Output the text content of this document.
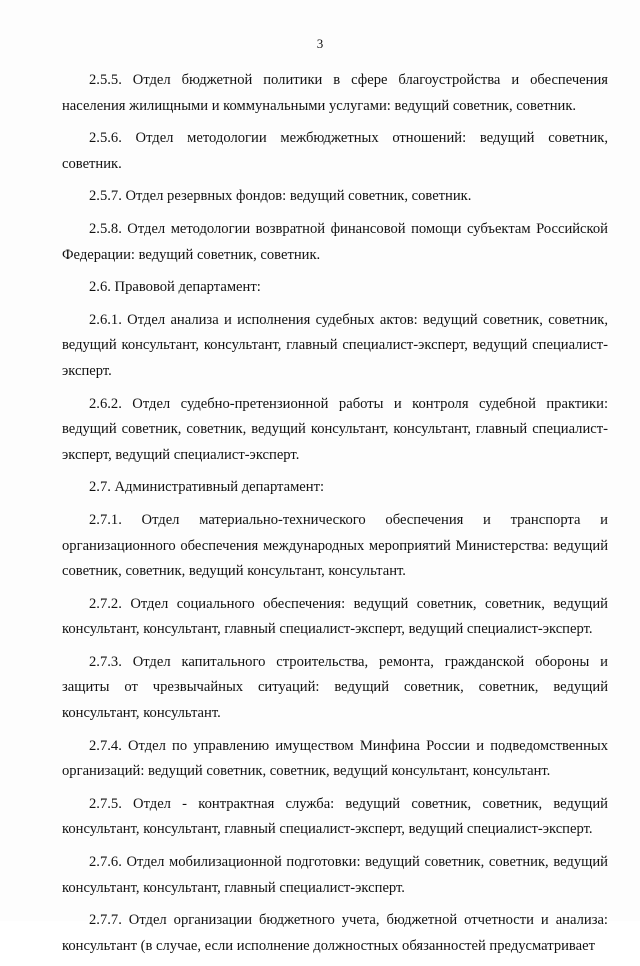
3

2.5.5. Отдел бюджетной политики в сфере благоустройства и обеспечения населения жилищными и коммунальными услугами: ведущий советник, советник.

2.5.6. Отдел методологии межбюджетных отношений: ведущий советник, советник.

2.5.7. Отдел резервных фондов: ведущий советник, советник.

2.5.8. Отдел методологии возвратной финансовой помощи субъектам Российской Федерации: ведущий советник, советник.

2.6. Правовой департамент:

2.6.1. Отдел анализа и исполнения судебных актов: ведущий советник, советник, ведущий консультант, консультант, главный специалист-эксперт, ведущий специалист-эксперт.

2.6.2. Отдел судебно-претензионной работы и контроля судебной практики: ведущий советник, советник, ведущий консультант, консультант, главный специалист-эксперт, ведущий специалист-эксперт.

2.7. Административный департамент:

2.7.1. Отдел материально-технического обеспечения и транспорта и организационного обеспечения международных мероприятий Министерства: ведущий советник, советник, ведущий консультант, консультант.

2.7.2. Отдел социального обеспечения: ведущий советник, советник, ведущий консультант, консультант, главный специалист-эксперт, ведущий специалист-эксперт.

2.7.3. Отдел капитального строительства, ремонта, гражданской обороны и защиты от чрезвычайных ситуаций: ведущий советник, советник, ведущий консультант, консультант.

2.7.4. Отдел по управлению имуществом Минфина России и подведомственных организаций: ведущий советник, советник, ведущий консультант, консультант.

2.7.5. Отдел - контрактная служба: ведущий советник, советник, ведущий консультант, консультант, главный специалист-эксперт, ведущий специалист-эксперт.

2.7.6. Отдел мобилизационной подготовки: ведущий советник, советник, ведущий консультант, консультант, главный специалист-эксперт.

2.7.7. Отдел организации бюджетного учета, бюджетной отчетности и анализа: консультант (в случае, если исполнение должностных обязанностей предусматривает
